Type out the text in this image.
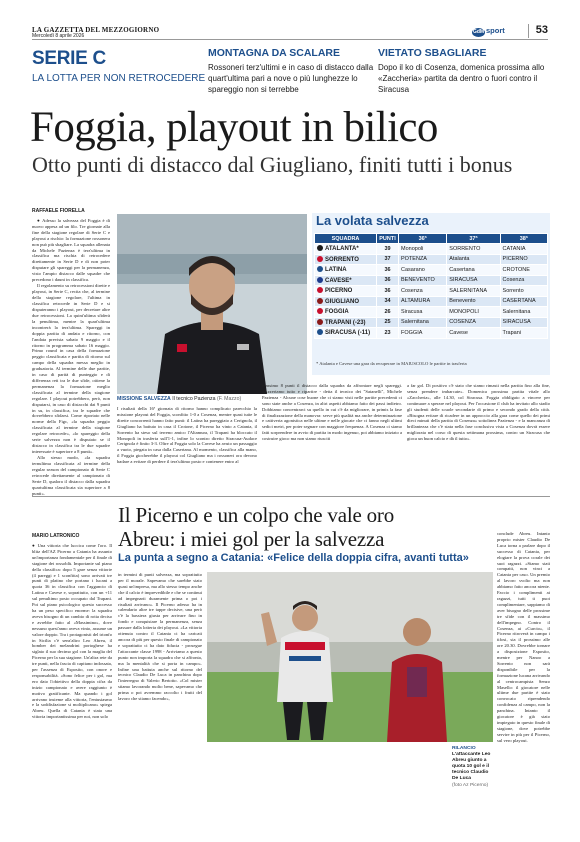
LA GAZZETTA DEL MEZZOGIORNO
Mercoledì 8 aprile 2026
GdM sport	53
SERIE C
LA LOTTA PER NON RETROCEDERE
MONTAGNA DA SCALARE
Rossoneri terz'ultimi e in caso di distacco dalla quart'ultima pari a nove o più lunghezze lo spareggio non si terrebbe
VIETATO SBAGLIARE
Dopo il ko di Cosenza, domenica prossima allo «Zaccheria» partita da dentro o fuori contro il Siracusa
Foggia, playout in bilico
Otto punti di distacco dal Giugliano, finiti tutti i bonus
RAFFAELE FIORELLA

● Adesso la salvezza del Foggia è di nuovo appesa ad un filo. Tre giornate alla fine della stagione regolare di Serie C e playout a rischio: la formazione rossonera non può più sbagliare. La squadra allenata da Michele Pazienza è terz'ultima in classifica ma rischia di retrocedere direttamente in Serie D e di non poter disputare gli spareggi per la permanenza, visto l'ampio distacco dalle squadre che precedono i dauni in classifica.

Il regolamento su retrocessioni dirette e playout, in Serie C, recita che, al termine della stagione regolare, l'ultima in classifica retrocede in Serie D e si disputeranno i playout, per decretare altre due retrocessioni. La quint'ultima sfiderà la penultima, mentre la quart'ultima incontrerà la terz'ultima. Spareggi in doppia partita di andata e ritorno, con l'andata prevista sabato 9 maggio e il ritorno in programma sabato 16 maggio. Primo round in casa della formazione peggio classificata e partita di ritorno sul campo della squadra messa meglio in graduatoria. Al termine delle due partite, in caso di parità di punteggio e di differenza reti tra le due sfide, ottiene la permanenza la formazione meglio classificata al termine della stagione regolare. I playout potrebbero, però, non disputarsi, in caso di distacchi dai 9 punti in su, in classifica, tra le squadre che dovrebbero sfidarsi. Come riportato nelle norme della Figc, «la squadra peggio classificata al termine della stagione regolare retrocede», «lo spareggio della serie salvezza non è disputato se il distacco in classifica tra le due squadre interessate è superiore a 8 punti».

Allo stesso modo, «la squadra ternultima classificata al termine della regular season del campionato di Serie C retrocede direttamente al campionato di Serie D, qualora il distacco dalla squadra quartultima classificata sia superiore a 8 punti».

MISSIONE SALVEZZA Il tecnico Pazienza (F. Mazzo)
La volata salvezza
SQUADRA	PUNTI	36ª	37ª	38ª
ATALANTA*	39	Monopoli	SORRENTO	CATANIA
SORRENTO	37	POTENZA	Atalanta	PICERNO
LATINA	36	Casarano	Casertana	CROTONE
CAVESE*	36	BENEVENTO	SIRACUSA	Cosenza
PICERNO	36	Cosenza	SALERNITANA	Sorrento
GIUGLIANO	34	ALTAMURA	Benevento	CASERTANA
FOGGIA	26	Siracusa	MONOPOLI	Salernitana
TRAPANI (-23)	25	Salernitana	COSENZA	SIRACUSA
SIRACUSA (-11)	23	FOGGIA	Cavese	Trapani
* Atalanta e Cavese una gara da recuperare in MAIUSCOLO le partite in trasferta
I risultati della 16ª giornata di ritorno hanno complicato parecchio la missione playout del Foggia, sconfitto 1-0 a Cosenza, mentre quasi tutte le dirette concorrenti hanno fatto punti: il Latina ha pareggiato a Cerignola, il Giugliano ha battuto in casa il Crotone, il Picerno ha vinto a Catania, il Sorrento ha steso sul terreno amico l'Altamura, il Trapani ha bloccato il Monopoli in trasferta sull'1-1, infine lo scontro diretto Siracusa-Audace Cerignola è finito 3-3. Oltre al Foggia solo la Cavese ha avuto un passaggio a vuoto, piegata in casa dalla Casertana. Al momento, classifica alla mano, il Foggia giocherebbe il playout col Giugliano ma i rossoneri ora devono badare a evitare di perdere il terz'ultimo posto e contenere entro al
massimo 8 punti il distacco dalla squadra da affrontare negli spareggi. «Azzeriamo tutto e ripartire - detta il tecnico dei "Satanelli", Michele Pazienza - Alcune cose buone che ci siamo visti nelle partite precedenti ci sono state anche a Cosenza, in altri aspetti abbiamo fatto dei passi indietro. Dobbiamo concentrarci su quello in cui c'è da migliorare, in primis la fase di finalizzazione della manovra: serve più qualità ma anche determinazione e cattiveria agonistica nelle ultime e nelle giocate che ci fanno negli ultimi sedici metri, per poter segnare con maggiore frequenza. A Cosenza ci siamo fatti sorprendere in avvio di partita in modo ingenuo, poi abbiamo iniziato a costruire gioco ma non siamo riusciti
a far gol. Di positivo c'è stato che siamo rimasti nella partita fino alla fine, senza prendere imbarcate». Domenica prossima partita vitale allo «Zaccheria», alle 14.30, col Siracusa. Foggia obbligato a vincere per continuare a sperare nel playout. Per l'occasione il club ha invitato allo stadio gli studenti delle scuole secondarie di primo e secondo grado della città. «Bisogna evitare di ricadere in un approccio alla gara come quello dei primi dieci minuti della partita di Cosenza» sottolinea Pazienza - e la mancanza di brillantezza che c'è stata nella fase conclusiva vista a Cosenza dovrà essere migliorata nel corso di questa settimana prossima, contro un Siracusa che gioca un buon calcio e dà il tutto».
Il Picerno e un colpo che vale oro
Abreu: i miei gol per la salvezza
La punta a segno a Catania: «Felice della doppia cifra, avanti tutta»
MARIO LATRONICO
● Una vittoria che luccica come l'oro. Il blitz dell'AZ Picerno a Catania ha assunto un'importanza fondamentale per il finale di stagione dei rossoblù. Importante sul piano della classifica: dopo 5 gare senza vittorie (4 pareggi e 1 sconfitta) sono arrivati tre punti di platino che portano i lucani a quota 36 in classifica con l'aggancio di Latina e Cavese e, soprattutto, con un +11 sul penultimo posto occupato dal Trapani. Poi sul piano psicologico questo successo ha un peso specifico enorme: la squadra aveva bisogno di un cambio di rotta deciso e avrebbe fatto al «Massimino», dove nessuno quest'anno aveva vinto, assume un valore doppio. Tra i protagonisti del trionfo in Sicilia c'è senz'altro Leo Abreu, il bomber dei melandrini portoghese ha siglato il suo decimo gol con la maglia del Picerno per la sua stagione. Un'altra rete da tre punti, nella fascia di capitano indossata, per l'assenza di Esposito, con onore e responsabilità. «Sono felice per i gol, ma ero dato l'obiettivo della doppia cifra da inizio campionato e avere raggiunto è motivo gratificante. Ma quando i gol arrivano insieme alla vittoria, l'entusiasmo e la soddisfazione si moltiplicano» spiega Abreu. Quella di Catania è stata una vittoria importantissima per noi, non solo
in termini di punti salvezza, ma soprattutto per il morale. Sapevamo che sarebbe stato quasi un'impresa, ma allo stesso tempo anche che il calcio è imprevedibile e che se continui ad impegnarti duramente prima o poi i risultati arrivano». Il Picerno adesso ha in calendario altre tre tappe decisive, una però c'è la bassiera giusta per arrivare fino in fondo e conquistare la permanenza, senza passare dalla lotteria dei playout. «La vittoria ottenuta contro il Catania ci ha caricati ancora di più per questo finale di campionato e soprattutto ci ha dato fiducia - prosegue l'attaccante classe 1998 - Arriviamo a questo punto non importa la squadra che si affronta, ma la mentalità che si porta in campo». Infine una battuta anche sul ritorno del tecnico Claudio De Luca in panchina dopo l'interregno di Valerio Bertotto. «Col mister stiamo lavorando molto bene, sapevamo che prima o poi avremmo raccolto i frutti del lavoro che stiamo facendo»,
RILANCIO
L'attaccante Leo Abreu giunto a quota 10 gol e il tecnico Claudio De Luca
(foto Az Picerno)
conclude Abreu. Intanto proprio mister Claudio De Luca torna a parlare dopo il successo di Catania, per elogiare la prova corale dei suoi ragazzi. «Siamo stati compatti, non vinci a Catania per caso. Un premio al lavoro svolto ma non abbiamo fatto ancora niente. Faccio i complimenti ai ragazzi, tutti ti puoi complimentare, sappiamo di aver bisogno delle prossime tre sfide con il massimo dell'impegno. Contro il Cosenza, ai «Curcio», il Picerno ritroverà in campo i tifosi, sia il prossimo alle ore 20.30. Dovrebbe tornare a disposizione Esposito, mentre per Nanoo a Sorrento non sarà disponibile per la formazione lucana arrivando al centrocampista Senzo Masello: il giocatore nelle ultime due partite è stato convocato riprendendo confidenza al campo, non la panchina. Intanto il giocatore è già stato impiegato in questo finale di stagione, dove potrebbe servire in più per il Picerno, sul vero playout.
